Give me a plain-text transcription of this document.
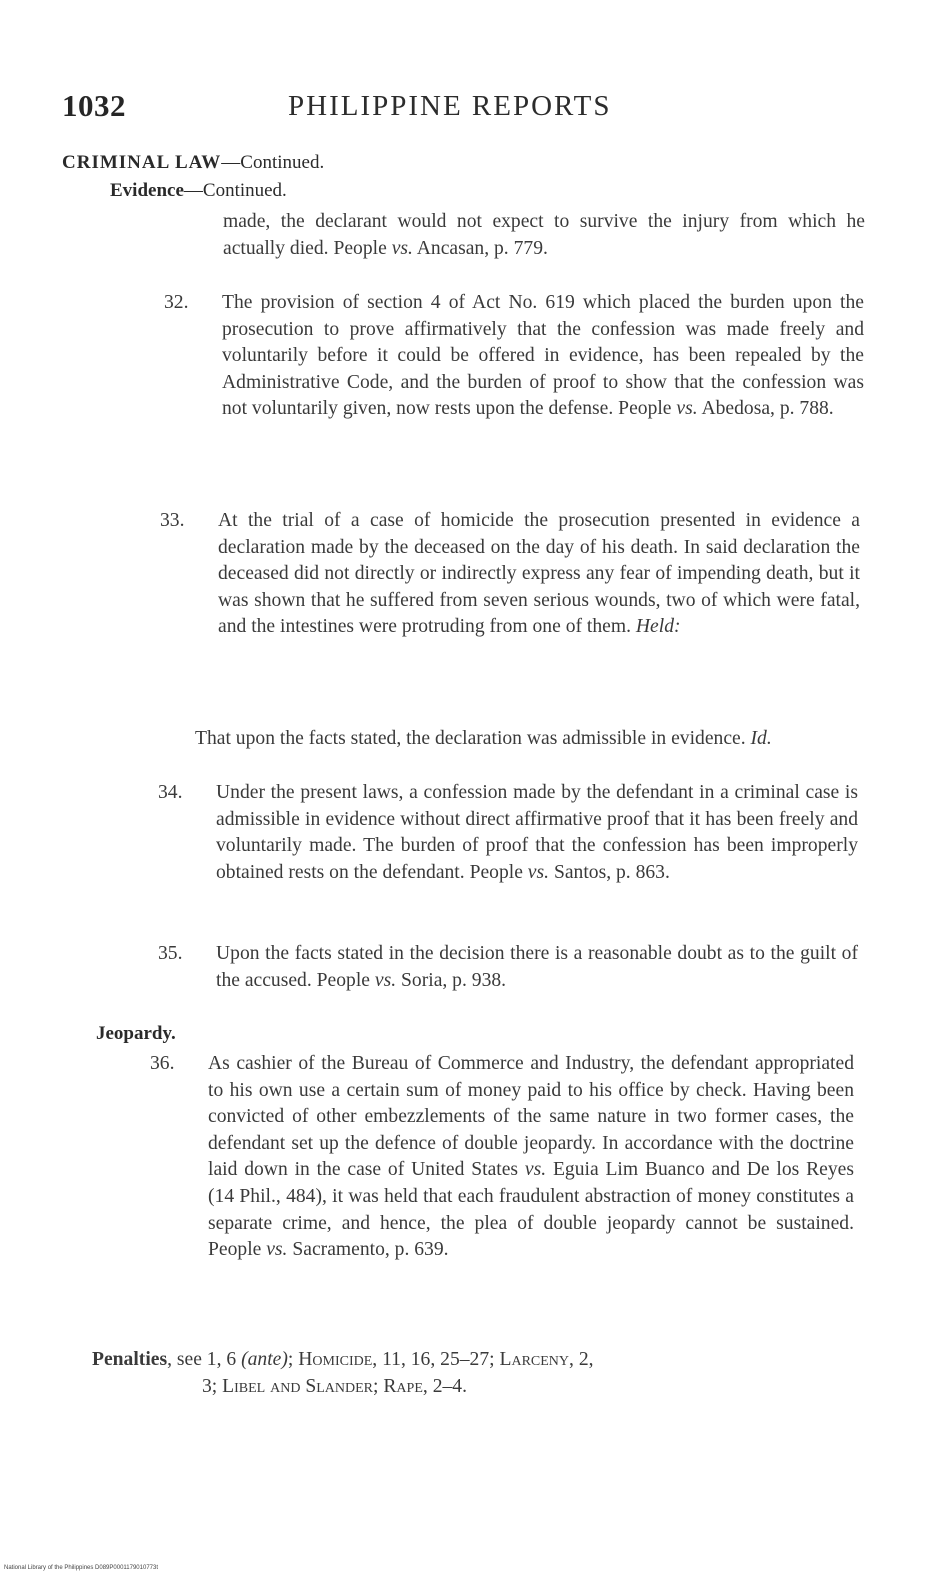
1032	PHILIPPINE REPORTS
CRIMINAL LAW—Continued.
Evidence—Continued.

made, the declarant would not expect to survive the injury from which he actually died. People vs. Ancasan, p. 779.

32. The provision of section 4 of Act No. 619 which placed the burden upon the prosecution to prove affirmatively that the confession was made freely and voluntarily before it could be offered in evidence, has been repealed by the Administrative Code, and the burden of proof to show that the confession was not voluntarily given, now rests upon the defense. People vs. Abedosa, p. 788.
33. At the trial of a case of homicide the prosecution presented in evidence a declaration made by the deceased on the day of his death. In said declaration the deceased did not directly or indirectly express any fear of impending death, but it was shown that he suffered from seven serious wounds, two of which were fatal, and the intestines were protruding from one of them. Held:
That upon the facts stated, the declaration was admissible in evidence. Id.
34. Under the present laws, a confession made by the defendant in a criminal case is admissible in evidence without direct affirmative proof that it has been freely and voluntarily made. The burden of proof that the confession has been improperly obtained rests on the defendant. People vs. Santos, p. 863.
35. Upon the facts stated in the decision there is a reasonable doubt as to the guilt of the accused. People vs. Soria, p. 938.
Jeopardy.
36. As cashier of the Bureau of Commerce and Industry, the defendant appropriated to his own use a certain sum of money paid to his office by check. Having been convicted of other embezzlements of the same nature in two former cases, the defendant set up the defence of double jeopardy. In accordance with the doctrine laid down in the case of United States vs. Eguia Lim Buanco and De los Reyes (14 Phil., 484), it was held that each fraudulent abstraction of money constitutes a separate crime, and hence, the plea of double jeopardy cannot be sustained. People vs. Sacramento, p. 639.
Penalties, see 1, 6 (ante); Homicide, 11, 16, 25–27; Larceny, 2,
3; Libel and Slander; Rape, 2–4.
National Library of the Philippines D089P0001179010773t
